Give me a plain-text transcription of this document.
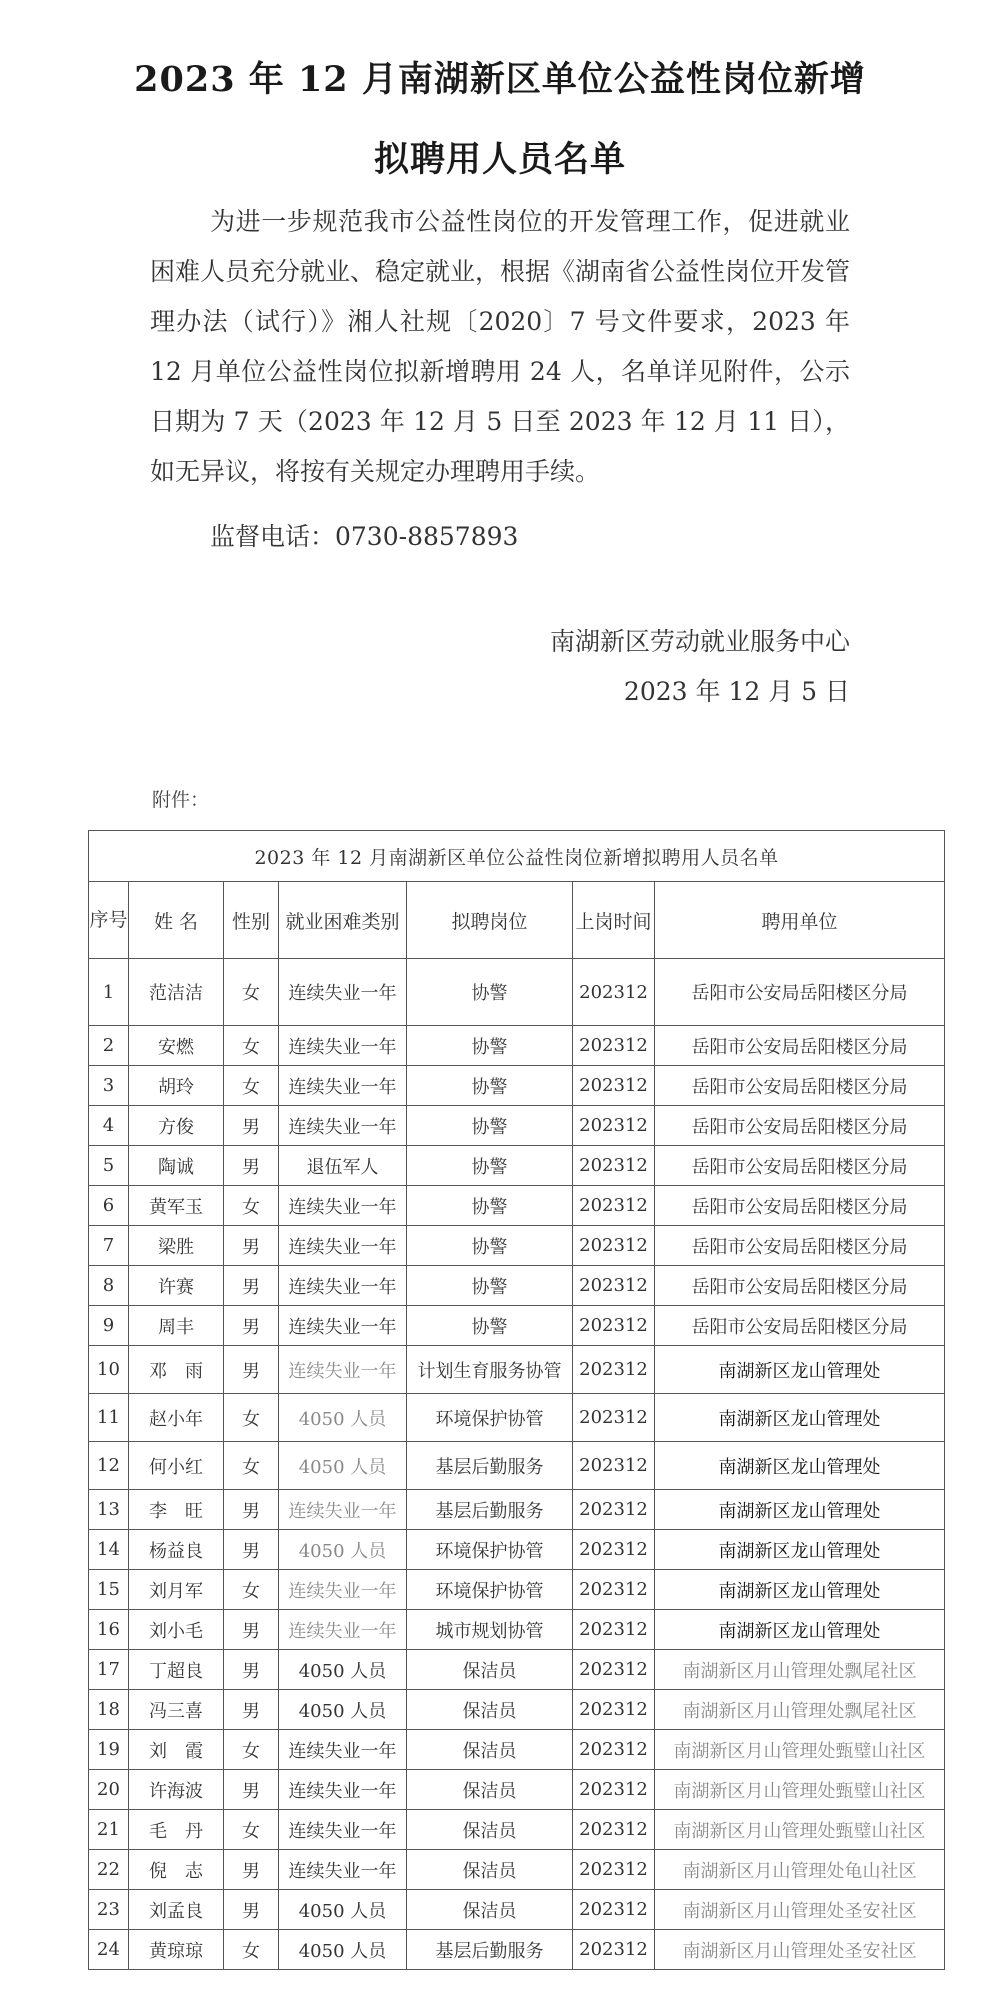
2023 年 12 月南湖新区单位公益性岗位新增
拟聘用人员名单
为进一步规范我市公益性岗位的开发管理工作，促进就业困难人员充分就业、稳定就业，根据《湖南省公益性岗位开发管理办法（试行）》湘人社规〔2020〕7 号文件要求，2023 年 12 月单位公益性岗位拟新增聘用 24 人，名单详见附件，公示日期为 7 天（2023 年 12 月 5 日至 2023 年 12 月 11 日），如无异议，将按有关规定办理聘用手续。
监督电话：0730-8857893
南湖新区劳动就业服务中心
2023 年 12 月 5 日
附件：
2023 年 12 月南湖新区单位公益性岗位新增拟聘用人员名单						
序号	姓 名	性别	就业困难类别	拟聘岗位	上岗时间	聘用单位
1	范洁洁	女	连续失业一年	协警	202312	岳阳市公安局岳阳楼区分局
2	安燃	女	连续失业一年	协警	202312	岳阳市公安局岳阳楼区分局
3	胡玲	女	连续失业一年	协警	202312	岳阳市公安局岳阳楼区分局
4	方俊	男	连续失业一年	协警	202312	岳阳市公安局岳阳楼区分局
5	陶诚	男	退伍军人	协警	202312	岳阳市公安局岳阳楼区分局
6	黄军玉	女	连续失业一年	协警	202312	岳阳市公安局岳阳楼区分局
7	梁胜	男	连续失业一年	协警	202312	岳阳市公安局岳阳楼区分局
8	许赛	男	连续失业一年	协警	202312	岳阳市公安局岳阳楼区分局
9	周丰	男	连续失业一年	协警	202312	岳阳市公安局岳阳楼区分局
10	邓　雨	男	连续失业一年	计划生育服务协管	202312	南湖新区龙山管理处
11	赵小年	女	4050 人员	环境保护协管	202312	南湖新区龙山管理处
12	何小红	女	4050 人员	基层后勤服务	202312	南湖新区龙山管理处
13	李　旺	男	连续失业一年	基层后勤服务	202312	南湖新区龙山管理处
14	杨益良	男	4050 人员	环境保护协管	202312	南湖新区龙山管理处
15	刘月军	女	连续失业一年	环境保护协管	202312	南湖新区龙山管理处
16	刘小毛	男	连续失业一年	城市规划协管	202312	南湖新区龙山管理处
17	丁超良	男	4050 人员	保洁员	202312	南湖新区月山管理处飘尾社区
18	冯三喜	男	4050 人员	保洁员	202312	南湖新区月山管理处飘尾社区
19	刘　霞	女	连续失业一年	保洁员	202312	南湖新区月山管理处甄璧山社区
20	许海波	男	连续失业一年	保洁员	202312	南湖新区月山管理处甄璧山社区
21	毛　丹	女	连续失业一年	保洁员	202312	南湖新区月山管理处甄璧山社区
22	倪　志	男	连续失业一年	保洁员	202312	南湖新区月山管理处龟山社区
23	刘孟良	男	4050 人员	保洁员	202312	南湖新区月山管理处圣安社区
24	黄琼琼	女	4050 人员	基层后勤服务	202312	南湖新区月山管理处圣安社区
